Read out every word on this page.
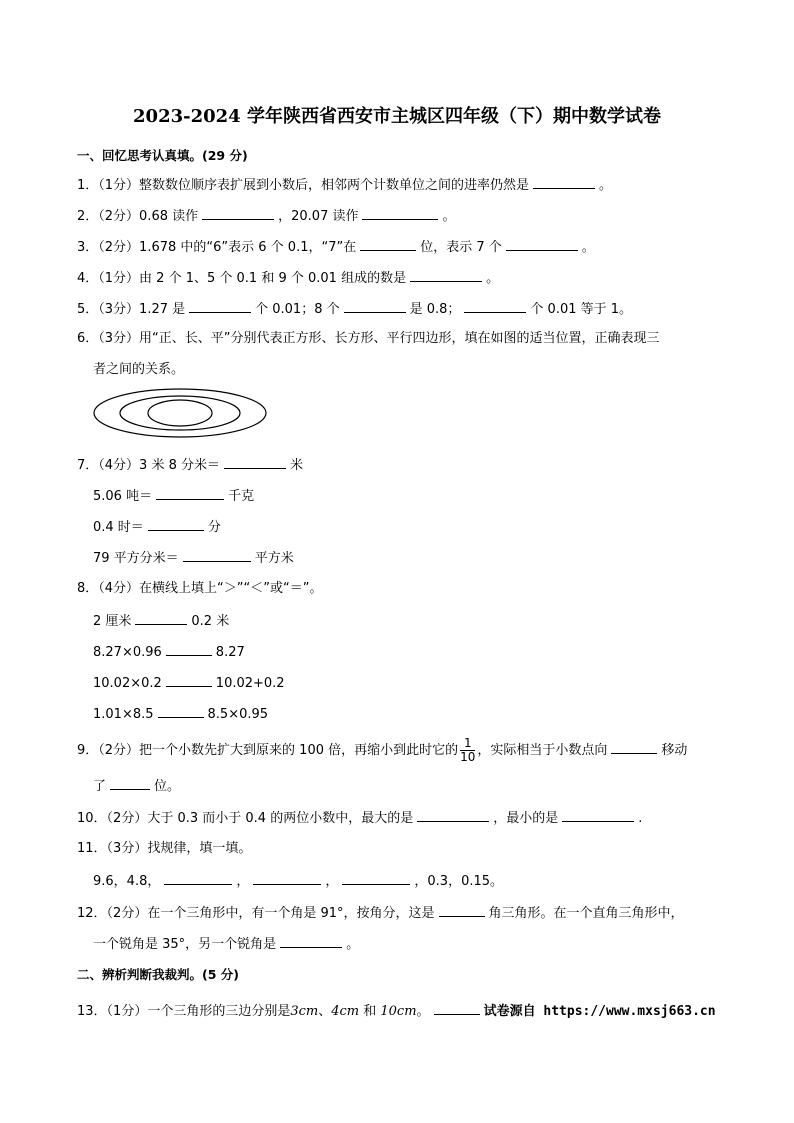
2023-2024 学年陕西省西安市主城区四年级（下）期中数学试卷
一、回忆思考认真填。(29 分)
1．（1分）整数数位顺序表扩展到小数后，相邻两个计数单位之间的进率仍然是	。
2．（2分）0.68 读作	，20.07 读作	。
3．（2分）1.678 中的“6”表示 6 个 0.1，“7”在	位，表示 7 个	。
4．（1分）由 2 个 1、5 个 0.1 和 9 个 0.01 组成的数是	。
5．（3分）1.27 是	个 0.01；8 个	是 0.8；	个 0.01 等于 1。
6．（3分）用“正、长、平”分别代表正方形、长方形、平行四边形，填在如图的适当位置，正确表现三
者之间的关系。
7．（4分）3 米 8 分米＝	米
5.06 吨＝	千克
0.4 时＝	分
79 平方分米＝	平方米
8．（4分）在横线上填上“＞”“＜”或“＝”。
2 厘米	0.2 米
8.27×0.96	8.27
10.02×0.2	10.02+0.2
1.01×8.5	8.5×0.95
9．（2分）把一个小数先扩大到原来的 100 倍，再缩小到此时它的 $\frac{1}{10}$ ，实际相当于小数点向	移动
了	位。
10．（2分）大于 0.3 而小于 0.4 的两位小数中，最大的是	，最小的是	.
11．（3分）找规律，填一填。
9.6，4.8，	，	，	，0.3，0.15。
12．（2分）在一个三角形中，有一个角是 91°，按角分，这是	角三角形。在一个直角三角形中，
一个锐角是 35°，另一个锐角是	。
二、辨析判断我裁判。(5 分)
13．（1分）一个三角形的三边分别是3cm、4cm 和 10cm。	试卷源自 https://www.mxsj663.cn
